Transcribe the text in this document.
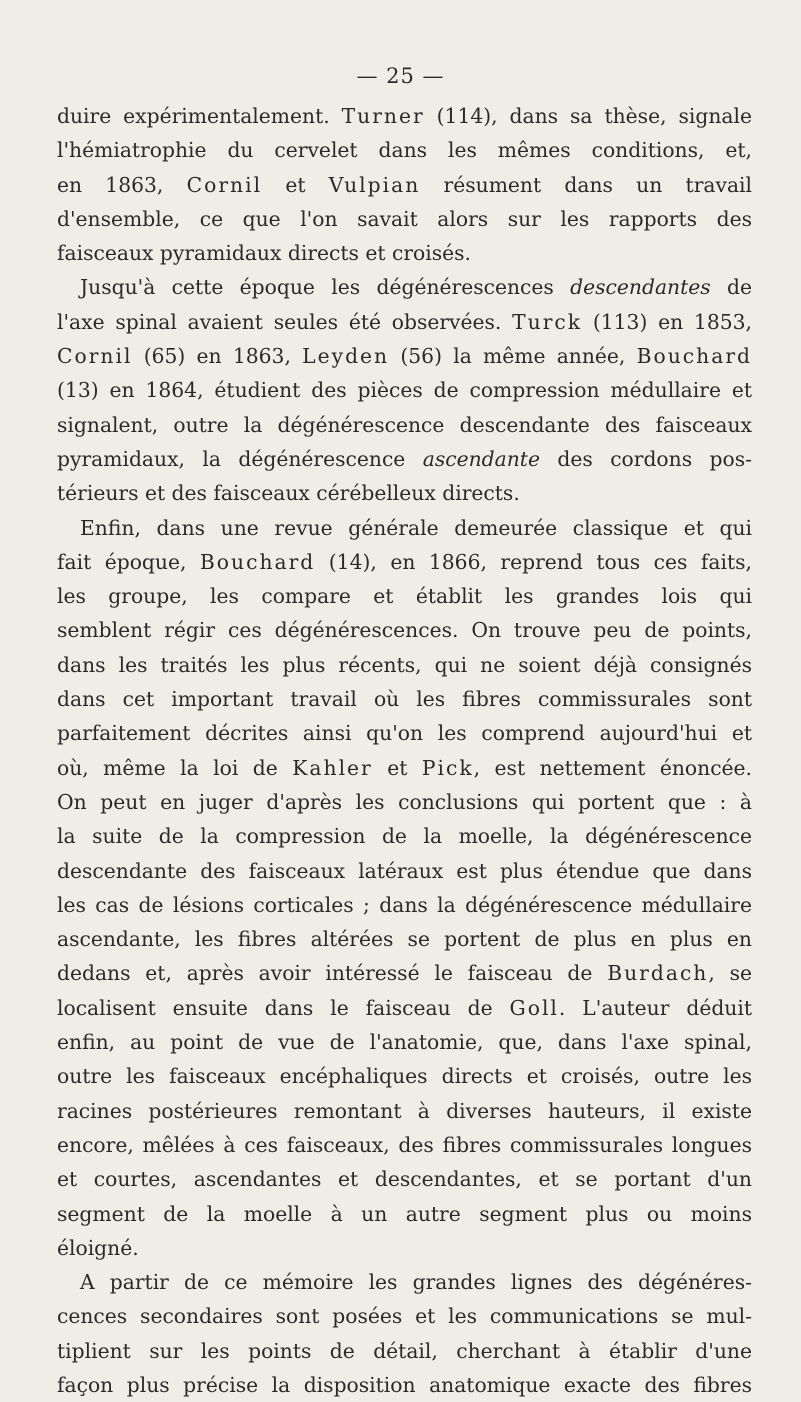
— 25 —
duire expérimentalement. Turner (114), dans sa thèse, signale
l'hémiatrophie du cervelet dans les mêmes conditions, et,
en 1863, Cornil et Vulpian résument dans un travail
d'ensemble, ce que l'on savait alors sur les rapports des
faisceaux pyramidaux directs et croisés.
Jusqu'à cette époque les dégénérescences descendantes de
l'axe spinal avaient seules été observées. Turck (113) en 1853,
Cornil (65) en 1863, Leyden (56) la même année, Bouchard
(13) en 1864, étudient des pièces de compression médullaire et
signalent, outre la dégénérescence descendante des faisceaux
pyramidaux, la dégénérescence ascendante des cordons pos-
térieurs et des faisceaux cérébelleux directs.
Enfin, dans une revue générale demeurée classique et qui
fait époque, Bouchard (14), en 1866, reprend tous ces faits,
les groupe, les compare et établit les grandes lois qui
semblent régir ces dégénérescences. On trouve peu de points,
dans les traités les plus récents, qui ne soient déjà consignés
dans cet important travail où les fibres commissurales sont
parfaitement décrites ainsi qu'on les comprend aujourd'hui et
où, même la loi de Kahler et Pick, est nettement énoncée.
On peut en juger d'après les conclusions qui portent que : à
la suite de la compression de la moelle, la dégénérescence
descendante des faisceaux latéraux est plus étendue que dans
les cas de lésions corticales ; dans la dégénérescence médullaire
ascendante, les fibres altérées se portent de plus en plus en
dedans et, après avoir intéressé le faisceau de Burdach, se
localisent ensuite dans le faisceau de Goll. L'auteur déduit
enfin, au point de vue de l'anatomie, que, dans l'axe spinal,
outre les faisceaux encéphaliques directs et croisés, outre les
racines postérieures remontant à diverses hauteurs, il existe
encore, mêlées à ces faisceaux, des fibres commissurales longues
et courtes, ascendantes et descendantes, et se portant d'un
segment de la moelle à un autre segment plus ou moins
éloigné.
A partir de ce mémoire les grandes lignes des dégénéres-
cences secondaires sont posées et les communications se mul-
tiplient sur les points de détail, cherchant à établir d'une
façon plus précise la disposition anatomique exacte des fibres
